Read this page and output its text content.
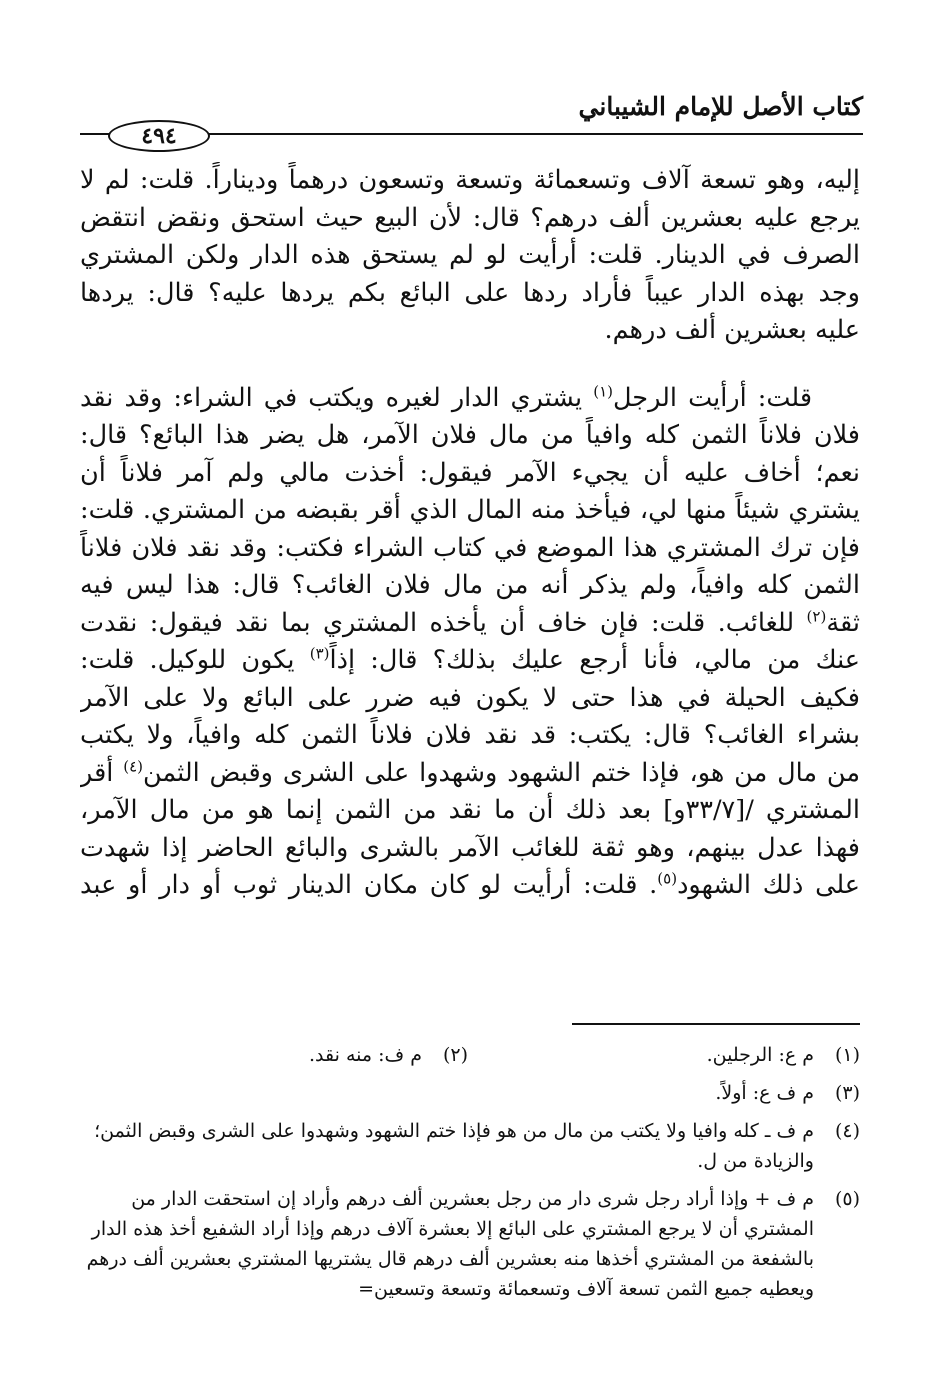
كتاب الأصل للإمام الشيباني
٤٩٤
إليه، وهو تسعة آلاف وتسعمائة وتسعة وتسعون درهماً وديناراً. قلت: لم لا
يرجع عليه بعشرين ألف درهم؟ قال: لأن البيع حيث استحق ونقض انتقض
الصرف في الدينار. قلت: أرأيت لو لم يستحق هذه الدار ولكن المشتري
وجد بهذه الدار عيباً فأراد ردها على البائع بكم يردها عليه؟ قال: يردها
عليه بعشرين ألف درهم.
قلت: أرأيت الرجل$^{(١)}$ يشتري الدار لغيره ويكتب في الشراء: وقد نقد
فلان فلاناً الثمن كله وافياً من مال فلان الآمر، هل يضر هذا البائع؟ قال:
نعم؛ أخاف عليه أن يجيء الآمر فيقول: أخذت مالي ولم آمر فلاناً أن
يشتري شيئاً منها لي، فيأخذ منه المال الذي أقر بقبضه من المشتري. قلت:
فإن ترك المشتري هذا الموضع في كتاب الشراء فكتب: وقد نقد فلان فلاناً
الثمن كله وافياً، ولم يذكر أنه من مال فلان الغائب؟ قال: هذا ليس فيه
ثقة$^{(٢)}$ للغائب. قلت: فإن خاف أن يأخذه المشتري بما نقد فيقول: نقدت
عنك من مالي، فأنا أرجع عليك بذلك؟ قال: إذاً$^{(٣)}$ يكون للوكيل. قلت:
فكيف الحيلة في هذا حتى لا يكون فيه ضرر على البائع ولا على الآمر
بشراء الغائب؟ قال: يكتب: قد نقد فلان فلاناً الثمن كله وافياً، ولا يكتب
من مال من هو، فإذا ختم الشهود وشهدوا على الشرى وقبض الثمن$^{(٤)}$ أقر
المشتري /[٣٣/٧و] بعد ذلك أن ما نقد من الثمن إنما هو من مال الآمر،
فهذا عدل بينهم، وهو ثقة للغائب الآمر بالشرى والبائع الحاضر إذا شهدت
على ذلك الشهود$^{(٥)}$. قلت: أرأيت لو كان مكان الدينار ثوب أو دار أو عبد
(١)
م ع: الرجلين.
(٢)
م ف: منه نقد.
(٣)
م ف ع: أولاً.
(٤)
م ف ـ كله وافيا ولا يكتب من مال من هو فإذا ختم الشهود وشهدوا على الشرى وقبض الثمن؛ والزيادة من ل.
(٥)
م ف + وإذا أراد رجل شرى دار من رجل بعشرين ألف درهم وأراد إن استحقت الدار من المشتري أن لا يرجع المشتري على البائع إلا بعشرة آلاف درهم وإذا أراد الشفيع أخذ هذه الدار بالشفعة من المشتري أخذها منه بعشرين ألف درهم قال يشتريها المشتري بعشرين ألف درهم ويعطيه جميع الثمن تسعة آلاف وتسعمائة وتسعة وتسعين=
